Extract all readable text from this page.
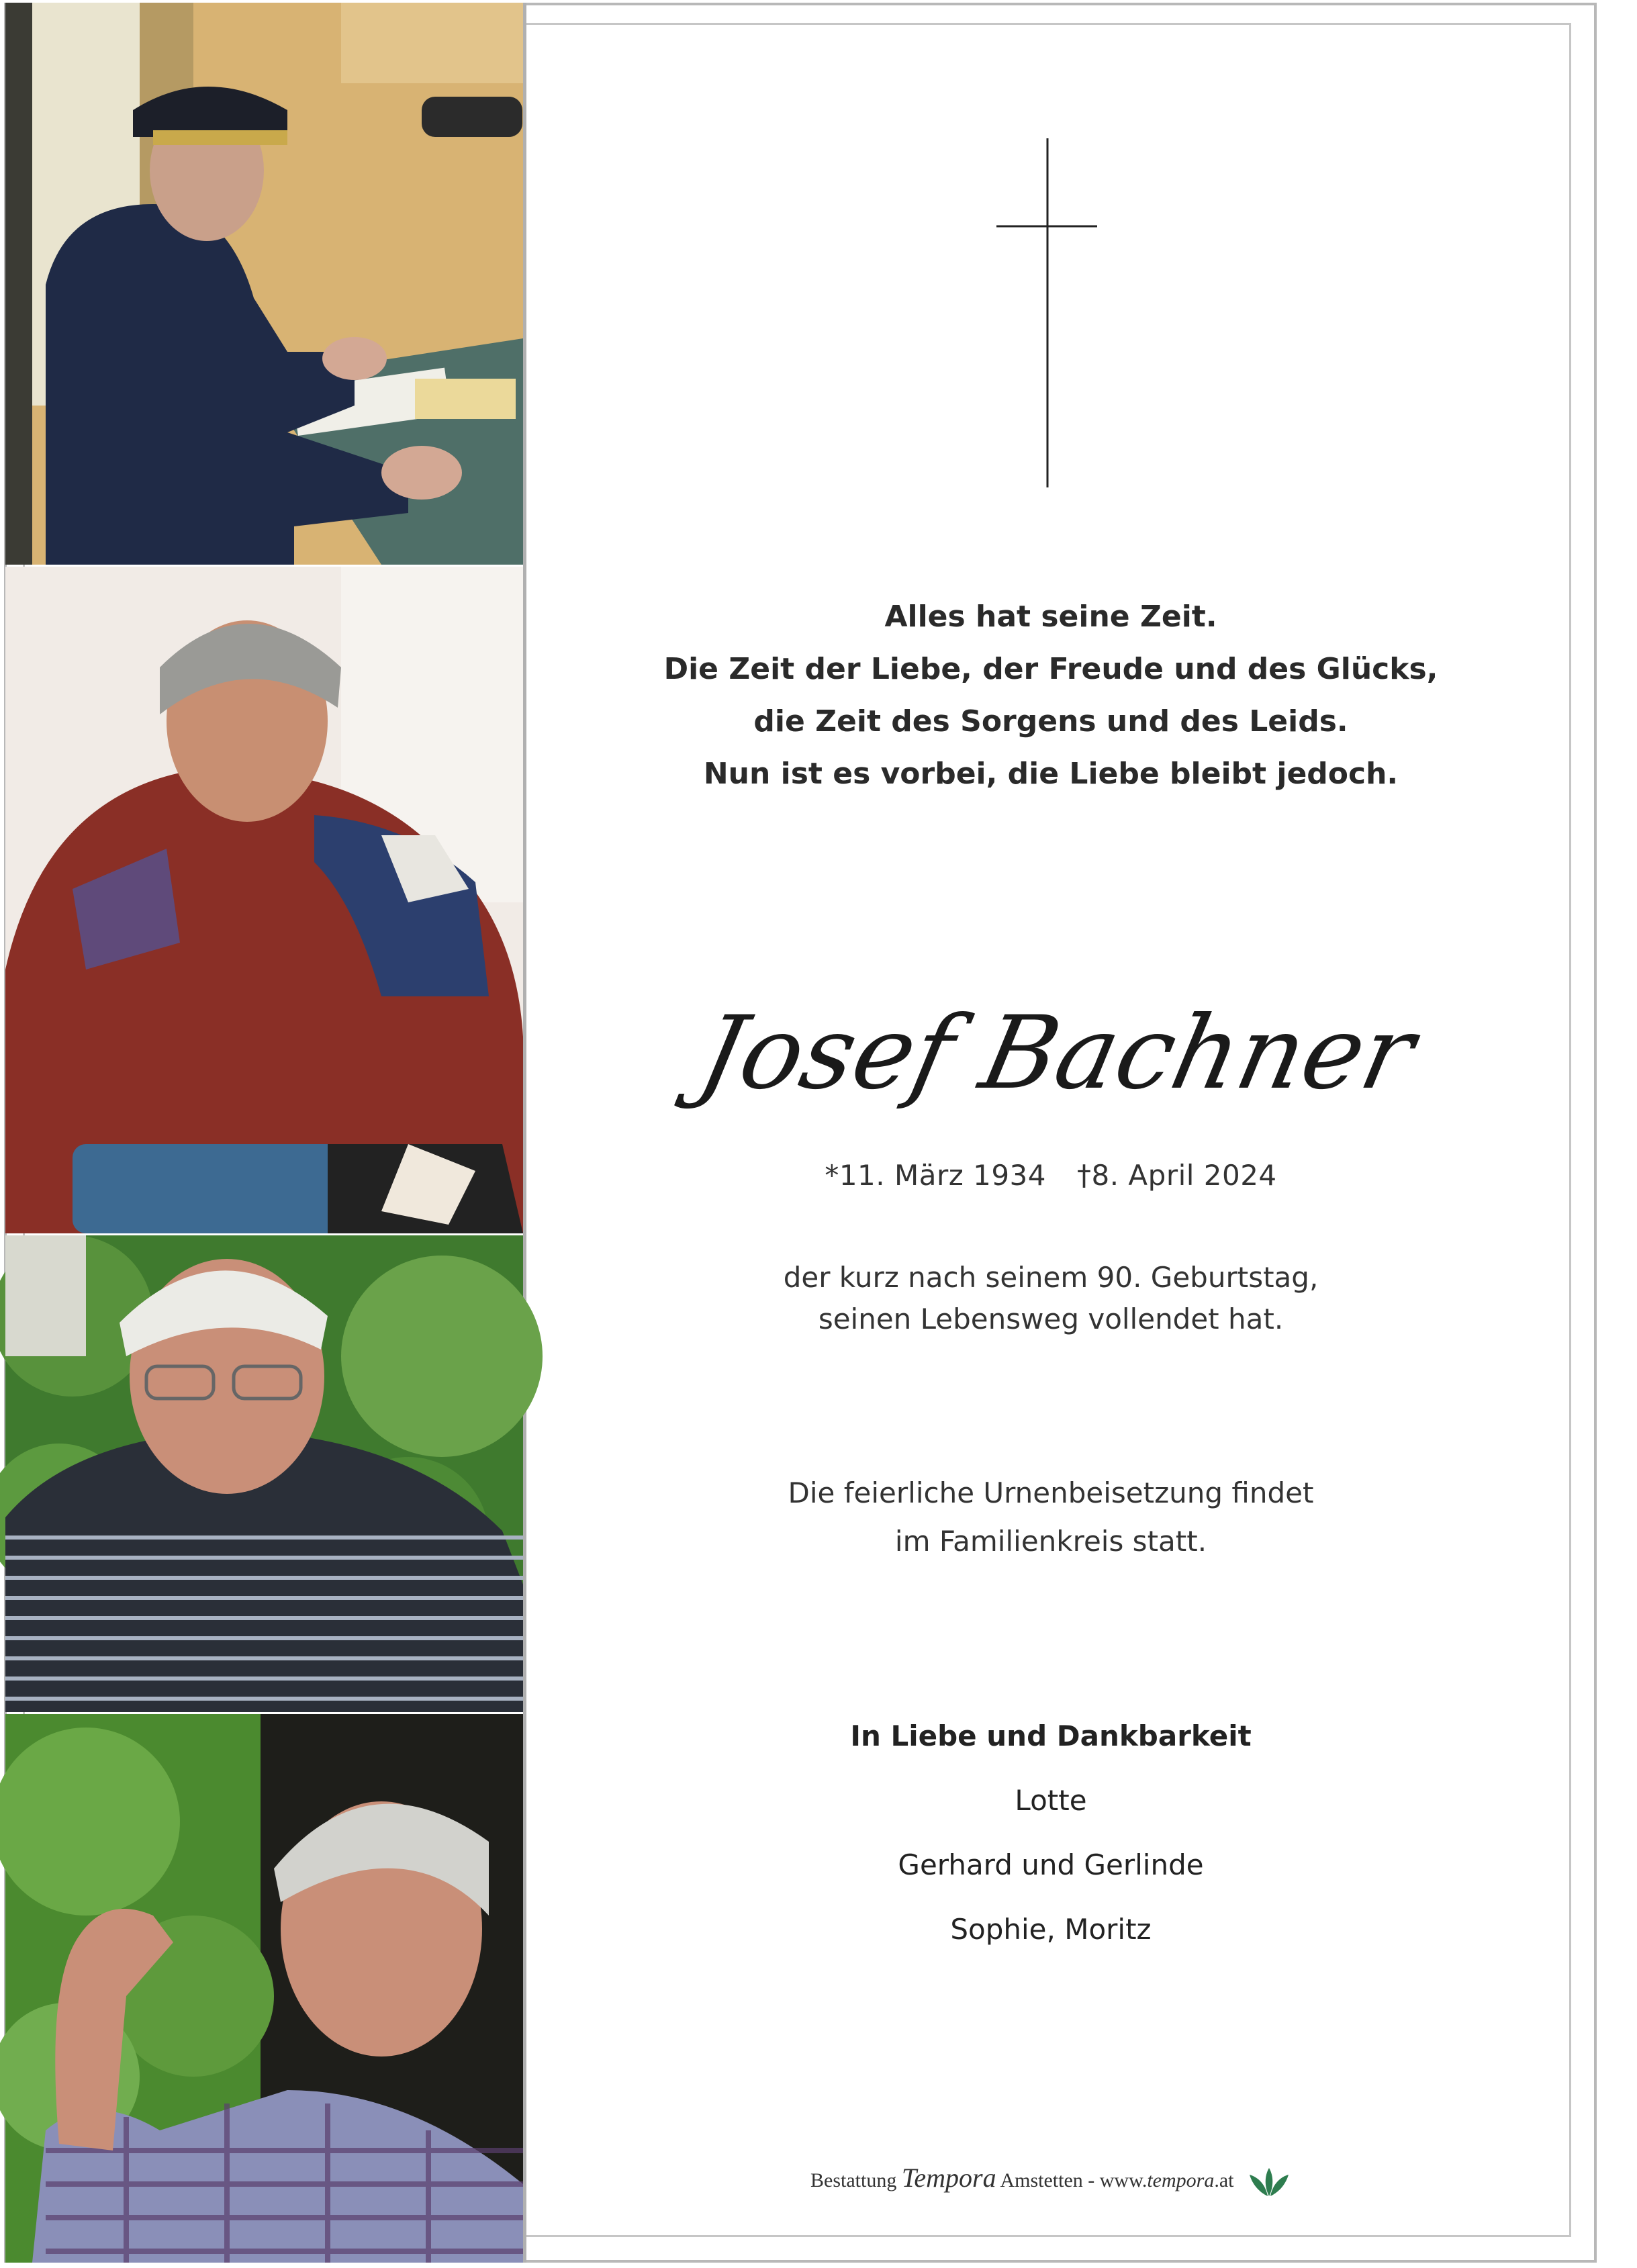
Alles hat seine Zeit.
Die Zeit der Liebe, der Freude und des Glücks,
die Zeit des Sorgens und des Leids.
Nun ist es vorbei, die Liebe bleibt jedoch.
Josef Bachner
*11. März 1934 †8. April 2024
der kurz nach seinem 90. Geburtstag,
seinen Lebensweg vollendet hat.
Die feierliche Urnenbeisetzung findet
im Familienkreis statt.
In Liebe und Dankbarkeit
Lotte
Gerhard und Gerlinde
Sophie, Moritz
Bestattung Tempora Amstetten - www.tempora.at
